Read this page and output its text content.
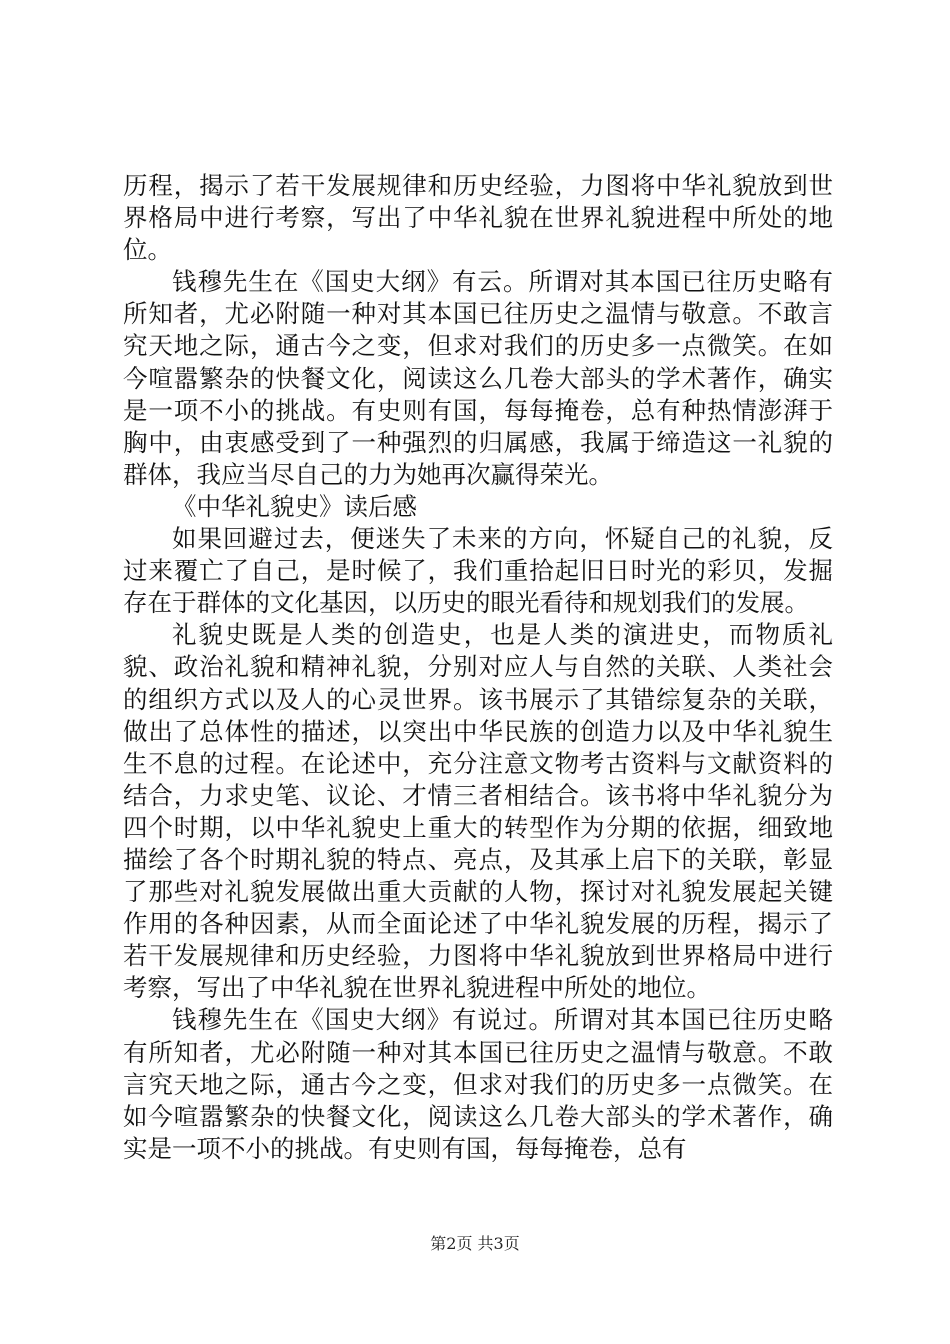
历程，揭示了若干发展规律和历史经验，力图将中华礼貌放到世界格局中进行考察，写出了中华礼貌在世界礼貌进程中所处的地位。

钱穆先生在《国史大纲》有云。所谓对其本国已往历史略有所知者，尤必附随一种对其本国已往历史之温情与敬意。不敢言究天地之际，通古今之变，但求对我们的历史多一点微笑。在如今喧嚣繁杂的快餐文化，阅读这么几卷大部头的学术著作，确实是一项不小的挑战。有史则有国，每每掩卷，总有种热情澎湃于胸中，由衷感受到了一种强烈的归属感，我属于缔造这一礼貌的群体，我应当尽自己的力为她再次赢得荣光。

《中华礼貌史》读后感

如果回避过去，便迷失了未来的方向，怀疑自己的礼貌，反过来覆亡了自己，是时候了，我们重拾起旧日时光的彩贝，发掘存在于群体的文化基因，以历史的眼光看待和规划我们的发展。

礼貌史既是人类的创造史，也是人类的演进史，而物质礼貌、政治礼貌和精神礼貌，分别对应人与自然的关联、人类社会的组织方式以及人的心灵世界。该书展示了其错综复杂的关联，做出了总体性的描述，以突出中华民族的创造力以及中华礼貌生生不息的过程。在论述中，充分注意文物考古资料与文献资料的结合，力求史笔、议论、才情三者相结合。该书将中华礼貌分为四个时期，以中华礼貌史上重大的转型作为分期的依据，细致地描绘了各个时期礼貌的特点、亮点，及其承上启下的关联，彰显了那些对礼貌发展做出重大贡献的人物，探讨对礼貌发展起关键作用的各种因素，从而全面论述了中华礼貌发展的历程，揭示了若干发展规律和历史经验，力图将中华礼貌放到世界格局中进行考察，写出了中华礼貌在世界礼貌进程中所处的地位。

钱穆先生在《国史大纲》有说过。所谓对其本国已往历史略有所知者，尤必附随一种对其本国已往历史之温情与敬意。不敢言究天地之际，通古今之变，但求对我们的历史多一点微笑。在如今喧嚣繁杂的快餐文化，阅读这么几卷大部头的学术著作，确实是一项不小的挑战。有史则有国，每每掩卷，总有

第2页 共3页
